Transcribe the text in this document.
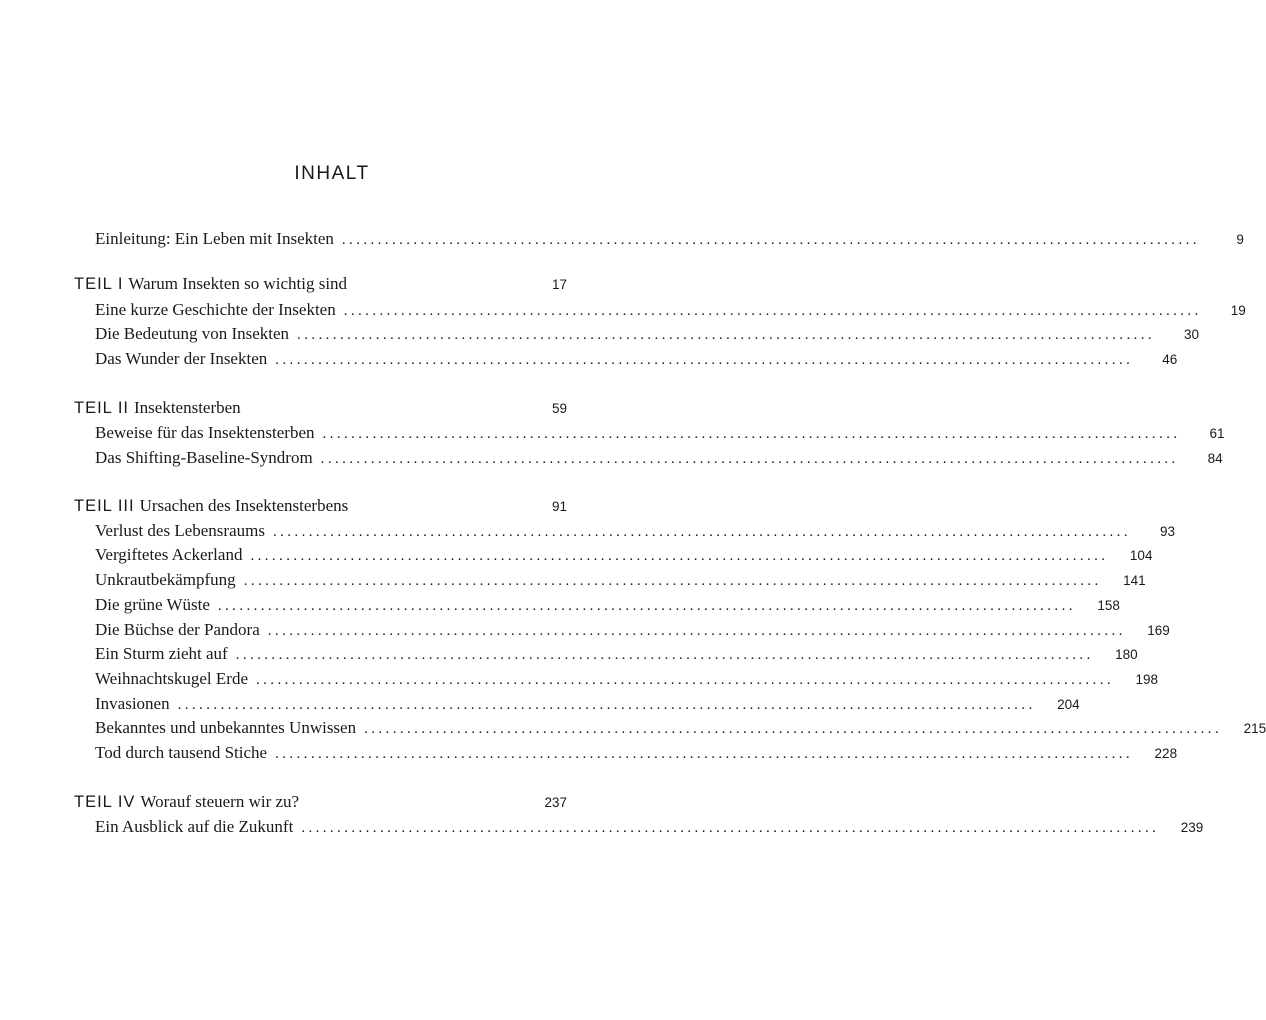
INHALT
Einleitung: Ein Leben mit Insekten ........................................................................................................................	9
TEIL I Warum Insekten so wichtig sind	17
Eine kurze Geschichte der Insekten ........................................................................................................................	19
Die Bedeutung von Insekten ........................................................................................................................	30
Das Wunder der Insekten ........................................................................................................................	46
TEIL II Insektensterben	59
Beweise für das Insektensterben ........................................................................................................................	61
Das Shifting-Baseline-Syndrom ........................................................................................................................	84
TEIL III Ursachen des Insektensterbens	91
Verlust des Lebensraums ........................................................................................................................	93
Vergiftetes Ackerland ........................................................................................................................	104
Unkrautbekämpfung ........................................................................................................................	141
Die grüne Wüste ........................................................................................................................	158
Die Büchse der Pandora ........................................................................................................................	169
Ein Sturm zieht auf ........................................................................................................................	180
Weihnachtskugel Erde ........................................................................................................................	198
Invasionen ........................................................................................................................	204
Bekanntes und unbekanntes Unwissen ........................................................................................................................	215
Tod durch tausend Stiche ........................................................................................................................	228
TEIL IV Worauf steuern wir zu?	237
Ein Ausblick auf die Zukunft ........................................................................................................................	239
